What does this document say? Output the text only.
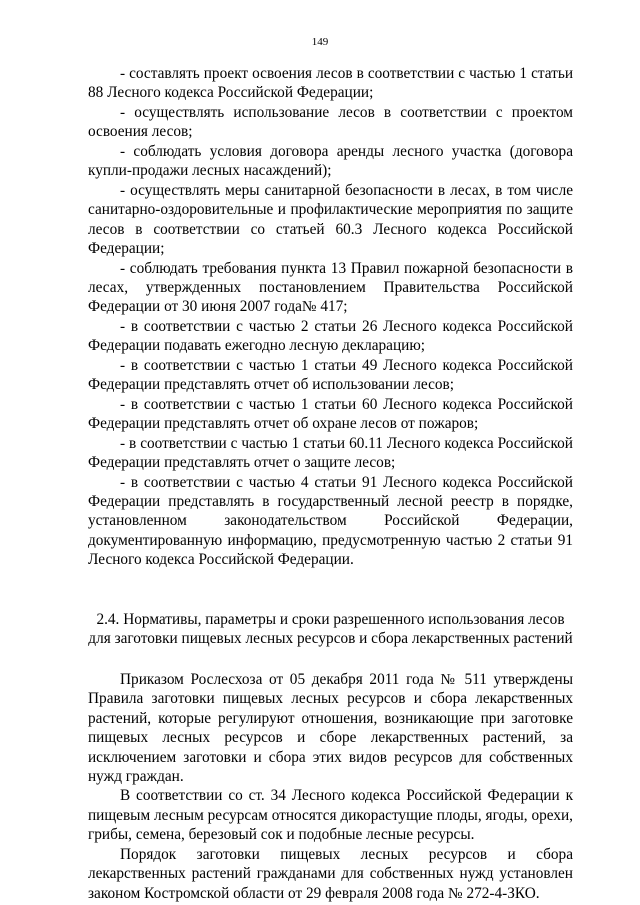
149

- составлять проект освоения лесов в соответствии с частью 1 статьи 88 Лесного кодекса Российской Федерации;

- осуществлять использование лесов в соответствии с проектом освоения лесов;

- соблюдать условия договора аренды лесного участка (договора купли-продажи лесных насаждений);

- осуществлять меры санитарной безопасности в лесах, в том числе санитарно-оздоровительные и профилактические мероприятия по защите лесов в соответствии со статьей 60.3 Лесного кодекса Российской Федерации;

- соблюдать требования пункта 13 Правил пожарной безопасности в лесах, утвержденных постановлением Правительства Российской Федерации от 30 июня 2007 года№ 417;

- в соответствии с частью 2 статьи 26 Лесного кодекса Российской Федерации подавать ежегодно лесную декларацию;

- в соответствии с частью 1 статьи 49 Лесного кодекса Российской Федерации представлять отчет об использовании лесов;

- в соответствии с частью 1 статьи 60 Лесного кодекса Российской Федерации представлять отчет об охране лесов от пожаров;

- в соответствии с частью 1 статьи 60.11 Лесного кодекса Российской Федерации представлять отчет о защите лесов;

- в соответствии с частью 4 статьи 91 Лесного кодекса Российской Федерации представлять в государственный лесной реестр в порядке, установленном законодательством Российской Федерации, документированную информацию, предусмотренную частью 2 статьи 91 Лесного кодекса Российской Федерации.

2.4. Нормативы, параметры и сроки разрешенного использования лесов для заготовки пищевых лесных ресурсов и сбора лекарственных растений

Приказом Рослесхоза от 05 декабря 2011 года № 511 утверждены Правила заготовки пищевых лесных ресурсов и сбора лекарственных растений, которые регулируют отношения, возникающие при заготовке пищевых лесных ресурсов и сборе лекарственных растений, за исключением заготовки и сбора этих видов ресурсов для собственных нужд граждан.

В соответствии со ст. 34 Лесного кодекса Российской Федерации к пищевым лесным ресурсам относятся дикорастущие плоды, ягоды, орехи, грибы, семена, березовый сок и подобные лесные ресурсы.

Порядок заготовки пищевых лесных ресурсов и сбора лекарственных растений гражданами для собственных нужд установлен законом Костромской области от 29 февраля 2008 года № 272-4-ЗКО.
